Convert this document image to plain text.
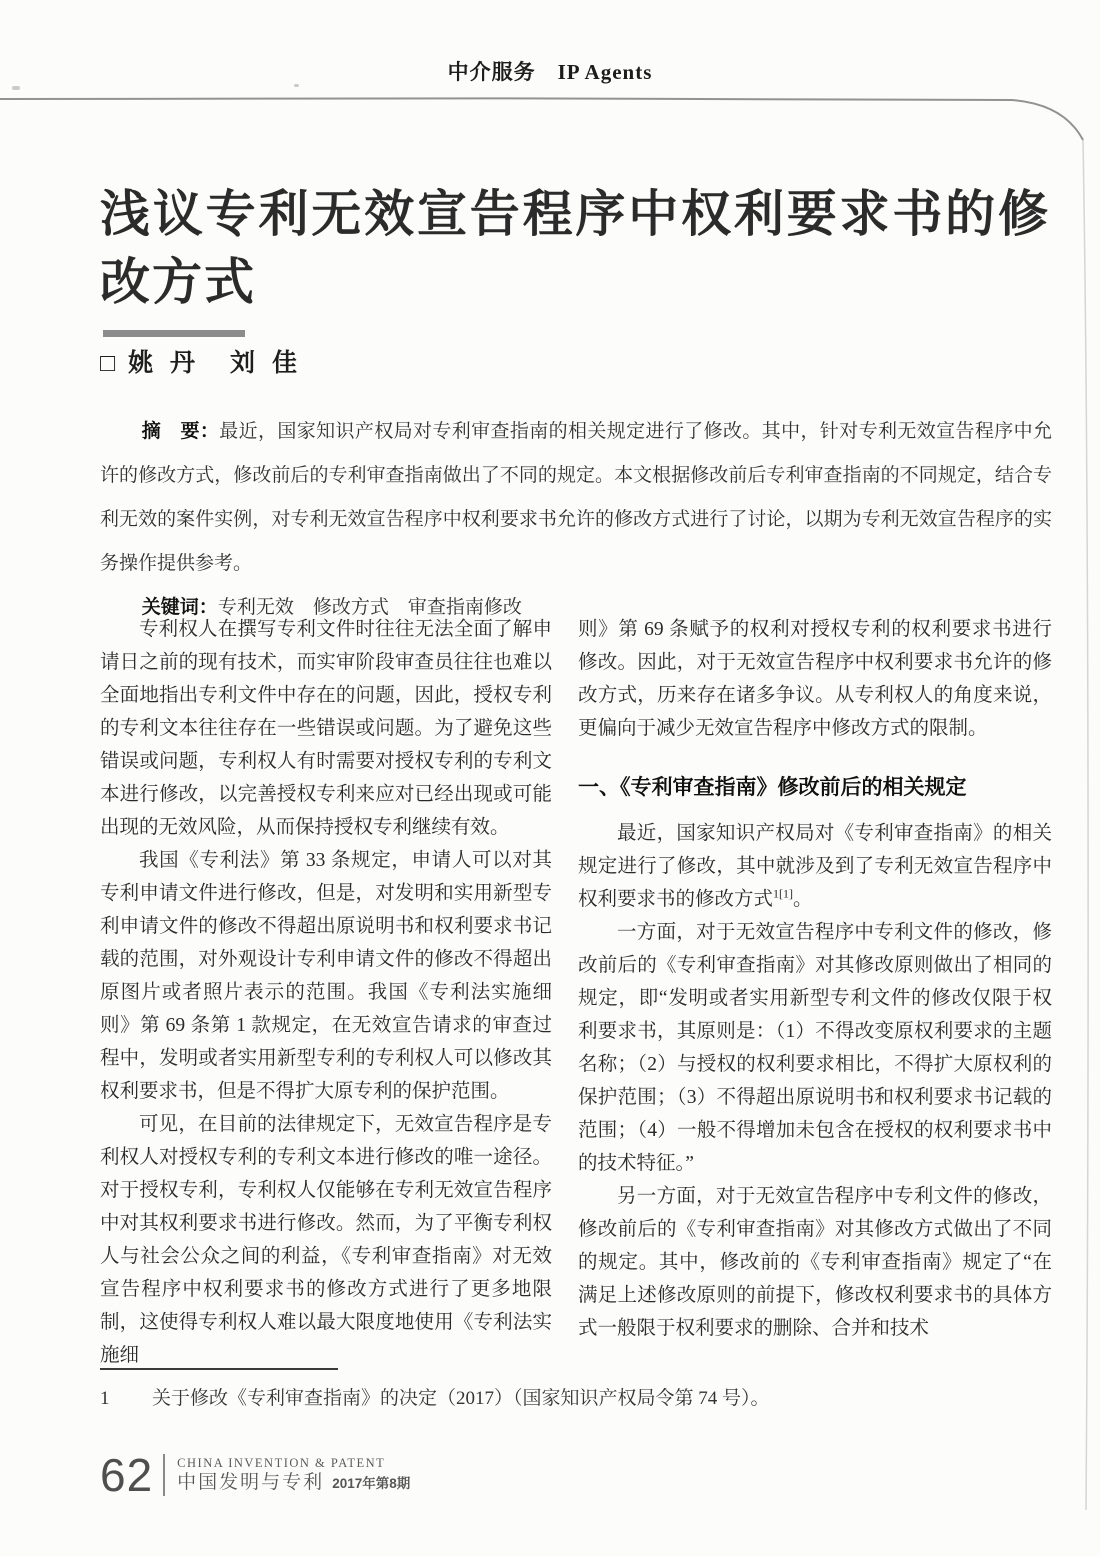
中介服务 IP Agents
浅议专利无效宣告程序中权利要求书的修改方式
□ 姚 丹　刘 佳

摘　要：最近，国家知识产权局对专利审查指南的相关规定进行了修改。其中，针对专利无效宣告程序中允许的修改方式，修改前后的专利审查指南做出了不同的规定。本文根据修改前后专利审查指南的不同规定，结合专利无效的案件实例，对专利无效宣告程序中权利要求书允许的修改方式进行了讨论，以期为专利无效宣告程序的实务操作提供参考。

关键词：专利无效　修改方式　审查指南修改

专利权人在撰写专利文件时往往无法全面了解申请日之前的现有技术，而实审阶段审查员往往也难以全面地指出专利文件中存在的问题，因此，授权专利的专利文本往往存在一些错误或问题。为了避免这些错误或问题，专利权人有时需要对授权专利的专利文本进行修改，以完善授权专利来应对已经出现或可能出现的无效风险，从而保持授权专利继续有效。

我国《专利法》第 33 条规定，申请人可以对其专利申请文件进行修改，但是，对发明和实用新型专利申请文件的修改不得超出原说明书和权利要求书记载的范围，对外观设计专利申请文件的修改不得超出原图片或者照片表示的范围。我国《专利法实施细则》第 69 条第 1 款规定，在无效宣告请求的审查过程中，发明或者实用新型专利的专利权人可以修改其权利要求书，但是不得扩大原专利的保护范围。

可见，在目前的法律规定下，无效宣告程序是专利权人对授权专利的专利文本进行修改的唯一途径。对于授权专利，专利权人仅能够在专利无效宣告程序中对其权利要求书进行修改。然而，为了平衡专利权人与社会公众之间的利益，《专利审查指南》对无效宣告程序中权利要求书的修改方式进行了更多地限制，这使得专利权人难以最大限度地使用《专利法实施细

则》第 69 条赋予的权利对授权专利的权利要求书进行修改。因此，对于无效宣告程序中权利要求书允许的修改方式，历来存在诸多争议。从专利权人的角度来说，更偏向于减少无效宣告程序中修改方式的限制。

一、《专利审查指南》修改前后的相关规定

最近，国家知识产权局对《专利审查指南》的相关规定进行了修改，其中就涉及到了专利无效宣告程序中权利要求书的修改方式$^{1[1]}$。

一方面，对于无效宣告程序中专利文件的修改，修改前后的《专利审查指南》对其修改原则做出了相同的规定，即“发明或者实用新型专利文件的修改仅限于权利要求书，其原则是：（1）不得改变原权利要求的主题名称；（2）与授权的权利要求相比，不得扩大原权利的保护范围；（3）不得超出原说明书和权利要求书记载的范围；（4）一般不得增加未包含在授权的权利要求书中的技术特征。”

另一方面，对于无效宣告程序中专利文件的修改，修改前后的《专利审查指南》对其修改方式做出了不同的规定。其中，修改前的《专利审查指南》规定了“在满足上述修改原则的前提下，修改权利要求书的具体方式一般限于权利要求的删除、合并和技术

1 关于修改《专利审查指南》的决定（2017）（国家知识产权局令第 74 号）。
62 CHINA INVENTION & PATENT
中国发明与专利 2017年第8期
